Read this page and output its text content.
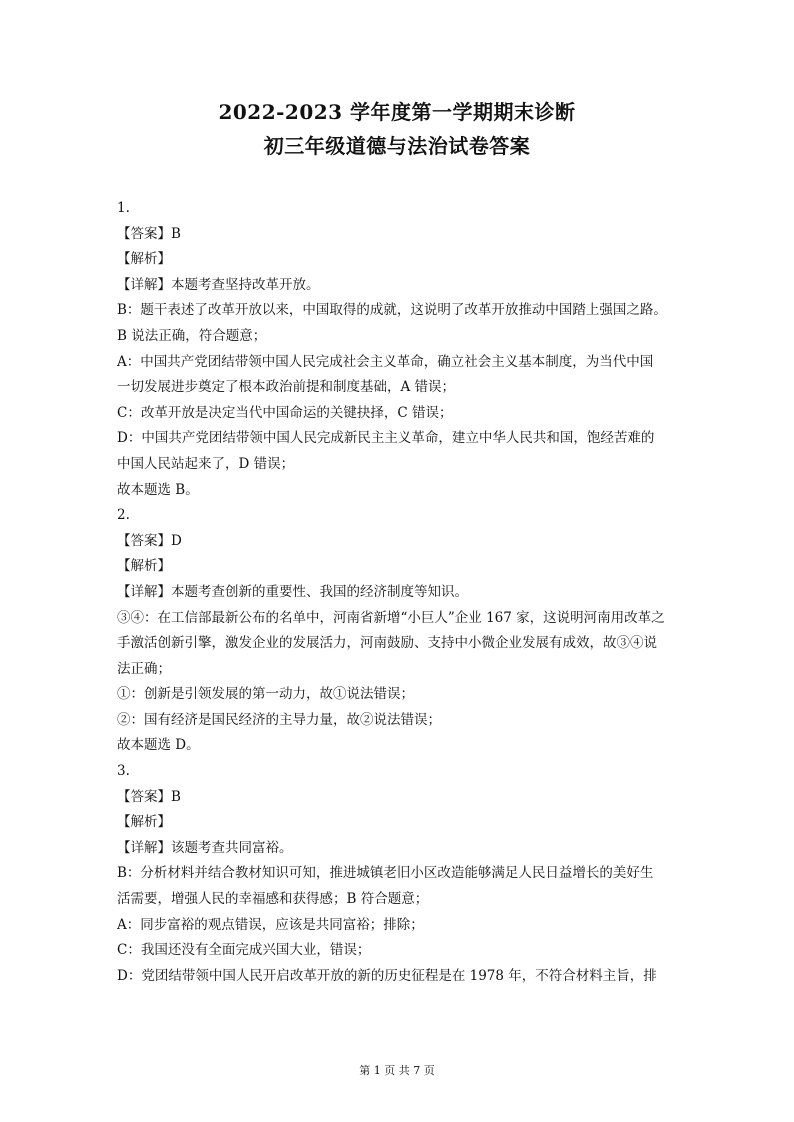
2022-2023 学年度第一学期期末诊断
初三年级道德与法治试卷答案
1.
【答案】B
【解析】
【详解】本题考查坚持改革开放。
B：题干表述了改革开放以来，中国取得的成就，这说明了改革开放推动中国踏上强国之路。
B 说法正确，符合题意；
A：中国共产党团结带领中国人民完成社会主义革命，确立社会主义基本制度，为当代中国
一切发展进步奠定了根本政治前提和制度基础，A 错误；
C：改革开放是决定当代中国命运的关键抉择，C 错误；
D：中国共产党团结带领中国人民完成新民主主义革命，建立中华人民共和国，饱经苦难的
中国人民站起来了，D 错误；
故本题选 B。
2.
【答案】D
【解析】
【详解】本题考查创新的重要性、我国的经济制度等知识。
③④：在工信部最新公布的名单中，河南省新增“小巨人”企业 167 家，这说明河南用改革之
手激活创新引擎，激发企业的发展活力，河南鼓励、支持中小微企业发展有成效，故③④说
法正确；
①：创新是引领发展的第一动力，故①说法错误；
②：国有经济是国民经济的主导力量，故②说法错误；
故本题选 D。
3.
【答案】B
【解析】
【详解】该题考查共同富裕。
B：分析材料并结合教材知识可知，推进城镇老旧小区改造能够满足人民日益增长的美好生
活需要，增强人民的幸福感和获得感；B 符合题意；
A：同步富裕的观点错误，应该是共同富裕；排除；
C：我国还没有全面完成兴国大业，错误；
D：党团结带领中国人民开启改革开放的新的历史征程是在 1978 年，不符合材料主旨，排
第 1 页 共 7 页
